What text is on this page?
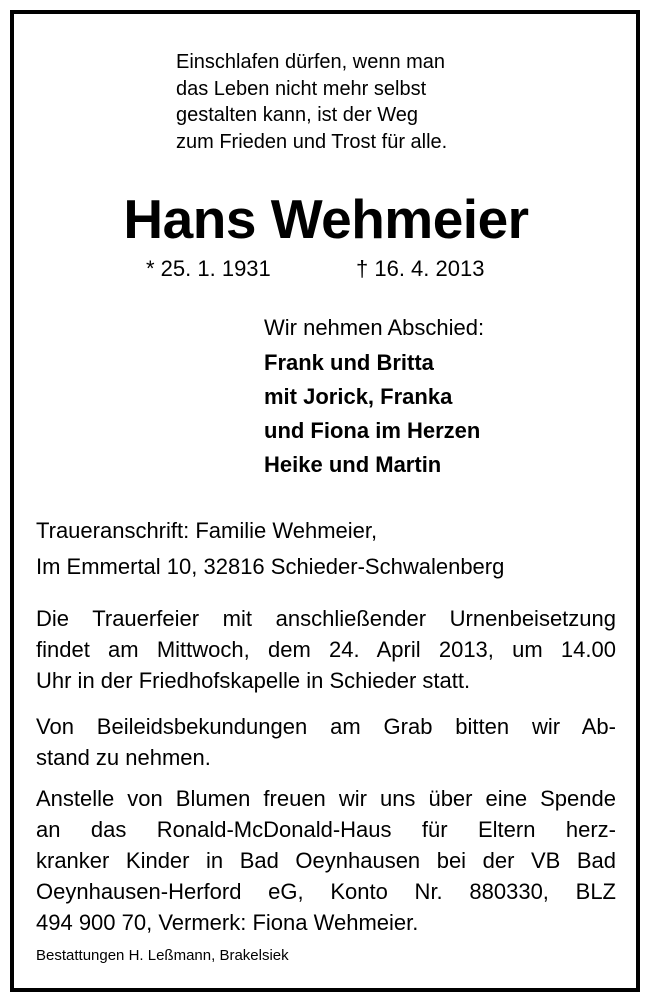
Einschlafen dürfen, wenn man
das Leben nicht mehr selbst
gestalten kann, ist der Weg
zum Frieden und Trost für alle.
Hans Wehmeier
* 25. 1. 1931	† 16. 4. 2013
Wir nehmen Abschied:
Frank und Britta
mit Jorick, Franka
und Fiona im Herzen
Heike und Martin
Traueranschrift: Familie Wehmeier,
Im Emmertal 10, 32816 Schieder-Schwalenberg
Die Trauerfeier mit anschließender Urnenbeisetzung
findet am Mittwoch, dem 24. April 2013, um 14.00
Uhr in der Friedhofskapelle in Schieder statt.
Von Beileidsbekundungen am Grab bitten wir Ab-
stand zu nehmen.
Anstelle von Blumen freuen wir uns über eine Spende
an das Ronald-McDonald-Haus für Eltern herz-
kranker Kinder in Bad Oeynhausen bei der VB Bad
Oeynhausen-Herford eG, Konto Nr. 880330, BLZ
494 900 70, Vermerk: Fiona Wehmeier.
Bestattungen H. Leßmann, Brakelsiek
